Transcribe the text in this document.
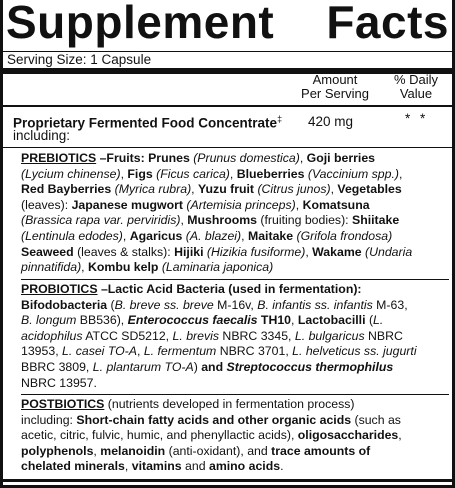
Supplement Facts
Serving Size: 1 Capsule
Amount
Per Serving
% Daily
Value
Proprietary Fermented Food Concentrate‡
including:
420 mg	* *
PREBIOTICS –Fruits: Prunes (Prunus domestica), Goji berries
(Lycium chinense), Figs (Ficus carica), Blueberries (Vaccinium spp.),
Red Bayberries (Myrica rubra), Yuzu fruit (Citrus junos), Vegetables
(leaves): Japanese mugwort (Artemisia princeps), Komatsuna
(Brassica rapa var. perviridis), Mushrooms (fruiting bodies): Shiitake
(Lentinula edodes), Agaricus (A. blazei), Maitake (Grifola frondosa)
Seaweed (leaves & stalks): Hijiki (Hizikia fusiforme), Wakame (Undaria
pinnatifida), Kombu kelp (Laminaria japonica)
PROBIOTICS –Lactic Acid Bacteria (used in fermentation):
Bifodobacteria (B. breve ss. breve M-16v, B. infantis ss. infantis M-63,
B. longum BB536), Enterococcus faecalis TH10, Lactobacilli (L.
acidophilus ATCC SD5212, L. brevis NBRC 3345, L. bulgaricus NBRC
13953, L. casei TO-A, L. fermentum NBRC 3701, L. helveticus ss. jugurti
BBRC 3809, L. plantarum TO-A) and Streptococcus thermophilus
NBRC 13957.
POSTBIOTICS (nutrients developed in fermentation process)
including: Short-chain fatty acids and other organic acids (such as
acetic, citric, fulvic, humic, and phenyllactic acids), oligosaccharides,
polyphenols, melanoidin (anti-oxidant), and trace amounts of
chelated minerals, vitamins and amino acids.
